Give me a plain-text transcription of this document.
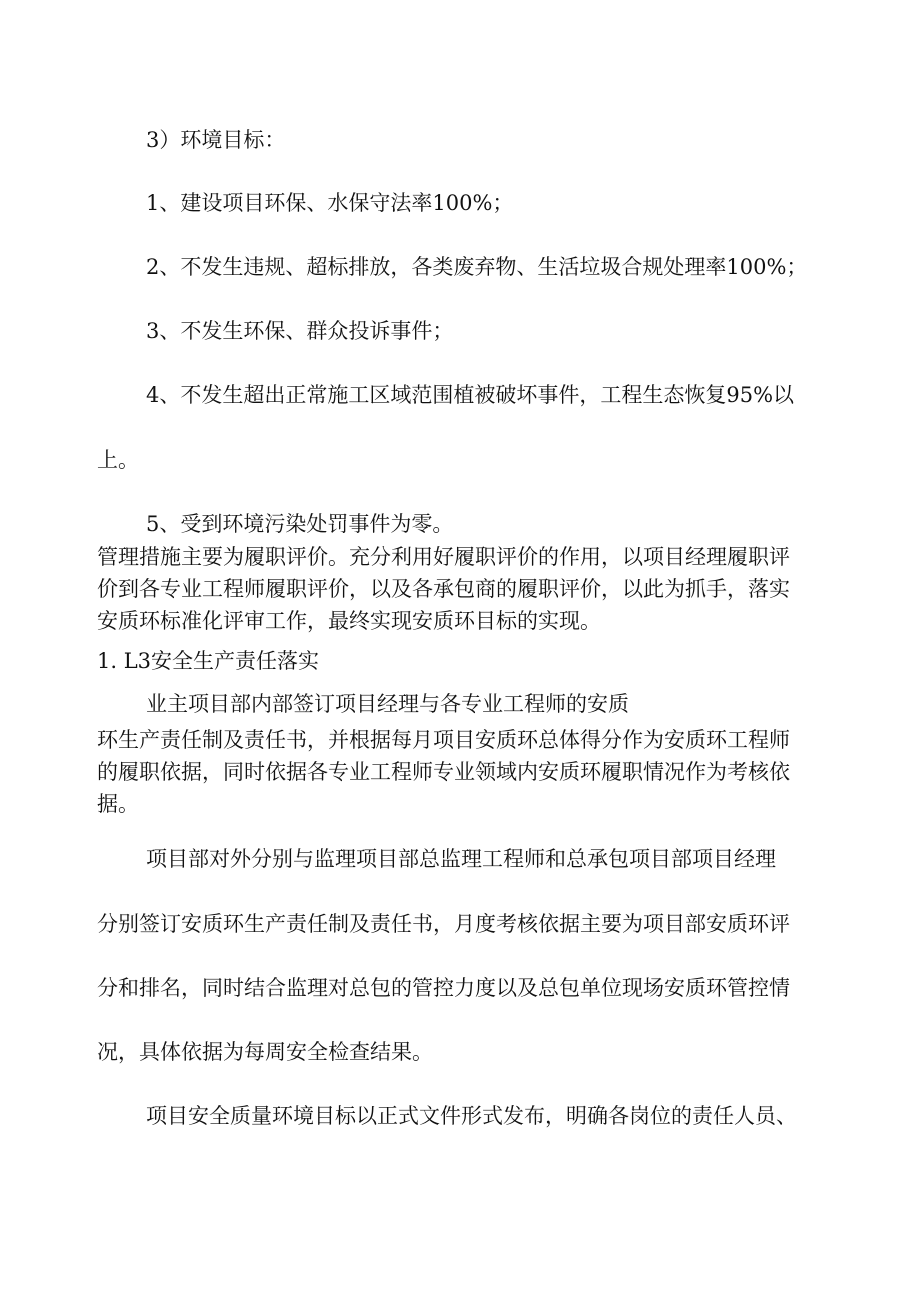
3）环境目标：

1、建设项目环保、水保守法率100%；

2、不发生违规、超标排放，各类废弃物、生活垃圾合规处理率100%；

3、不发生环保、群众投诉事件；

4、不发生超出正常施工区域范围植被破坏事件，工程生态恢复95%以

上。

5、受到环境污染处罚事件为零。

管理措施主要为履职评价。充分利用好履职评价的作用，以项目经理履职评

价到各专业工程师履职评价，以及各承包商的履职评价，以此为抓手，落实

安质环标准化评审工作，最终实现安质环目标的实现。

1. L3安全生产责任落实

业主项目部内部签订项目经理与各专业工程师的安质

环生产责任制及责任书，并根据每月项目安质环总体得分作为安质环工程师

的履职依据，同时依据各专业工程师专业领域内安质环履职情况作为考核依

据。

项目部对外分别与监理项目部总监理工程师和总承包项目部项目经理

分别签订安质环生产责任制及责任书，月度考核依据主要为项目部安质环评

分和排名，同时结合监理对总包的管控力度以及总包单位现场安质环管控情

况，具体依据为每周安全检查结果。

项目安全质量环境目标以正式文件形式发布，明确各岗位的责任人员、
